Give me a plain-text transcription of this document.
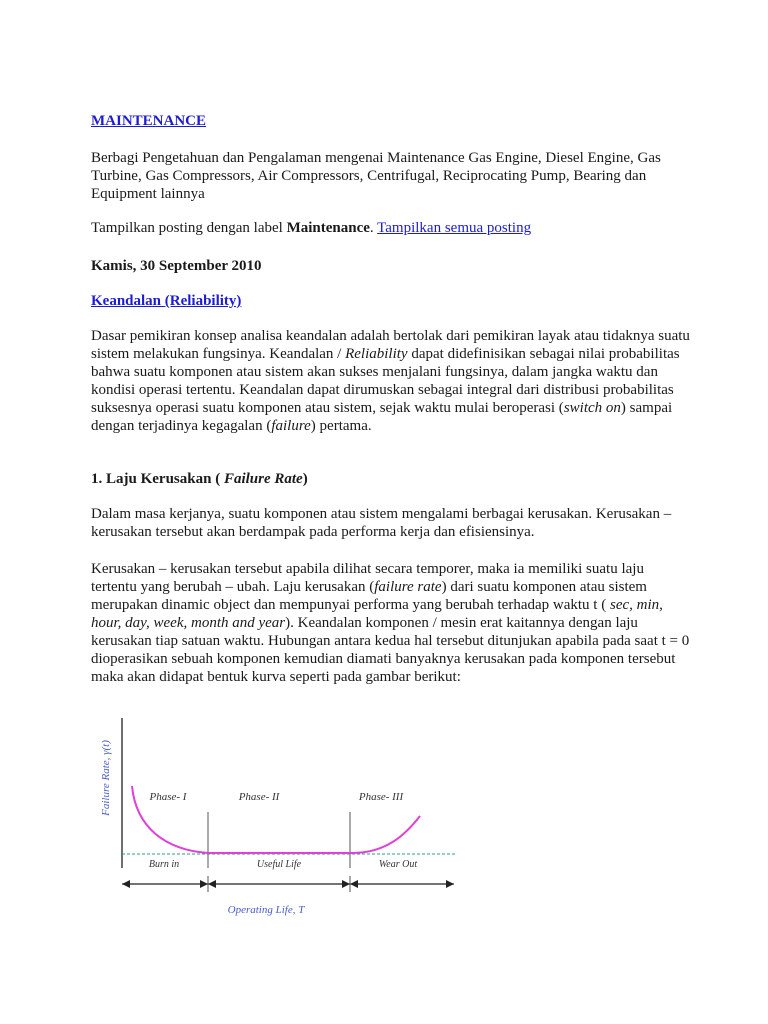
MAINTENANCE

Berbagi Pengetahuan dan Pengalaman mengenai Maintenance Gas Engine, Diesel Engine, Gas Turbine, Gas Compressors, Air Compressors, Centrifugal, Reciprocating Pump, Bearing dan Equipment lainnya

Tampilkan posting dengan label Maintenance. Tampilkan semua posting

Kamis, 30 September 2010

Keandalan (Reliability)

Dasar pemikiran konsep analisa keandalan adalah bertolak dari pemikiran layak atau tidaknya suatu sistem melakukan fungsinya. Keandalan / Reliability dapat didefinisikan sebagai nilai probabilitas bahwa suatu komponen atau sistem akan sukses menjalani fungsinya, dalam jangka waktu dan kondisi operasi tertentu. Keandalan dapat dirumuskan sebagai integral dari distribusi probabilitas suksesnya operasi suatu komponen atau sistem, sejak waktu mulai beroperasi (switch on) sampai dengan terjadinya kegagalan (failure) pertama.

1. Laju Kerusakan ( Failure Rate)

Dalam masa kerjanya, suatu komponen atau sistem mengalami berbagai kerusakan. Kerusakan – kerusakan tersebut akan berdampak pada performa kerja dan efisiensinya.

Kerusakan – kerusakan tersebut apabila dilihat secara temporer, maka ia memiliki suatu laju tertentu yang berubah – ubah. Laju kerusakan (failure rate) dari suatu komponen atau sistem merupakan dinamic object dan mempunyai performa yang berubah terhadap waktu t ( sec, min, hour, day, week, month and year). Keandalan komponen / mesin erat kaitannya dengan laju kerusakan tiap satuan waktu. Hubungan antara kedua hal tersebut ditunjukan apabila pada saat t = 0 dioperasikan sebuah komponen kemudian diamati banyaknya kerusakan pada komponen tersebut maka akan didapat bentuk kurva seperti pada gambar berikut:

Failure Rate, γ(t)	Phase- I	Phase- II	Phase- III
Burn in	Useful Life	Wear Out
Operating Life, T
